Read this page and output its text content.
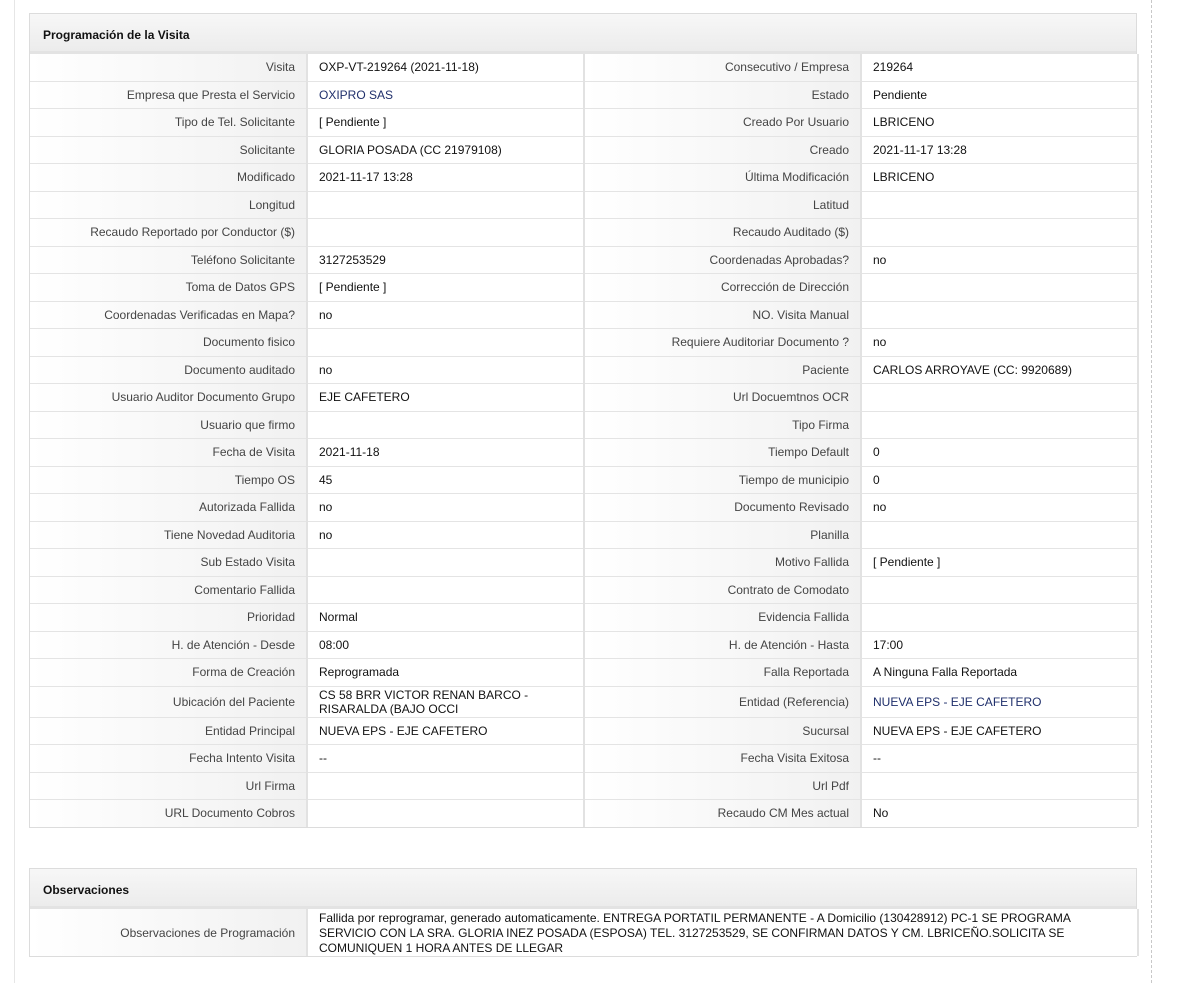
Programación de la Visita
Visita	OXP-VT-219264 (2021-11-18)	Consecutivo / Empresa	219264
Empresa que Presta el Servicio	OXIPRO SAS	Estado	Pendiente
Tipo de Tel. Solicitante	[ Pendiente ]	Creado Por Usuario	LBRICENO
Solicitante	GLORIA POSADA (CC 21979108)	Creado	2021-11-17 13:28
Modificado	2021-11-17 13:28	Última Modificación	LBRICENO
Longitud		Latitud	
Recaudo Reportado por Conductor ($)		Recaudo Auditado ($)	
Teléfono Solicitante	3127253529	Coordenadas Aprobadas?	no
Toma de Datos GPS	[ Pendiente ]	Corrección de Dirección	
Coordenadas Verificadas en Mapa?	no	NO. Visita Manual	
Documento fisico		Requiere Auditoriar Documento ?	no
Documento auditado	no	Paciente	CARLOS ARROYAVE (CC: 9920689)
Usuario Auditor Documento Grupo	EJE CAFETERO	Url Docuemtnos OCR	
Usuario que firmo		Tipo Firma	
Fecha de Visita	2021-11-18	Tiempo Default	0
Tiempo OS	45	Tiempo de municipio	0
Autorizada Fallida	no	Documento Revisado	no
Tiene Novedad Auditoria	no	Planilla	
Sub Estado Visita		Motivo Fallida	[ Pendiente ]
Comentario Fallida		Contrato de Comodato	
Prioridad	Normal	Evidencia Fallida	
H. de Atención - Desde	08:00	H. de Atención - Hasta	17:00
Forma de Creación	Reprogramada	Falla Reportada	A Ninguna Falla Reportada
Ubicación del Paciente	CS 58 BRR VICTOR RENAN BARCO - RISARALDA (BAJO OCCI	Entidad (Referencia)	NUEVA EPS - EJE CAFETERO
Entidad Principal	NUEVA EPS - EJE CAFETERO	Sucursal	NUEVA EPS - EJE CAFETERO
Fecha Intento Visita	--	Fecha Visita Exitosa	--
Url Firma		Url Pdf	
URL Documento Cobros		Recaudo CM Mes actual	No
Observaciones
Observaciones de Programación	Fallida por reprogramar, generado automaticamente. ENTREGA PORTATIL PERMANENTE - A Domicilio (130428912) PC-1 SE PROGRAMA SERVICIO CON LA SRA. GLORIA INEZ POSADA (ESPOSA) TEL. 3127253529, SE CONFIRMAN DATOS Y CM. LBRICEÑO.SOLICITA SE COMUNIQUEN 1 HORA ANTES DE LLEGAR
